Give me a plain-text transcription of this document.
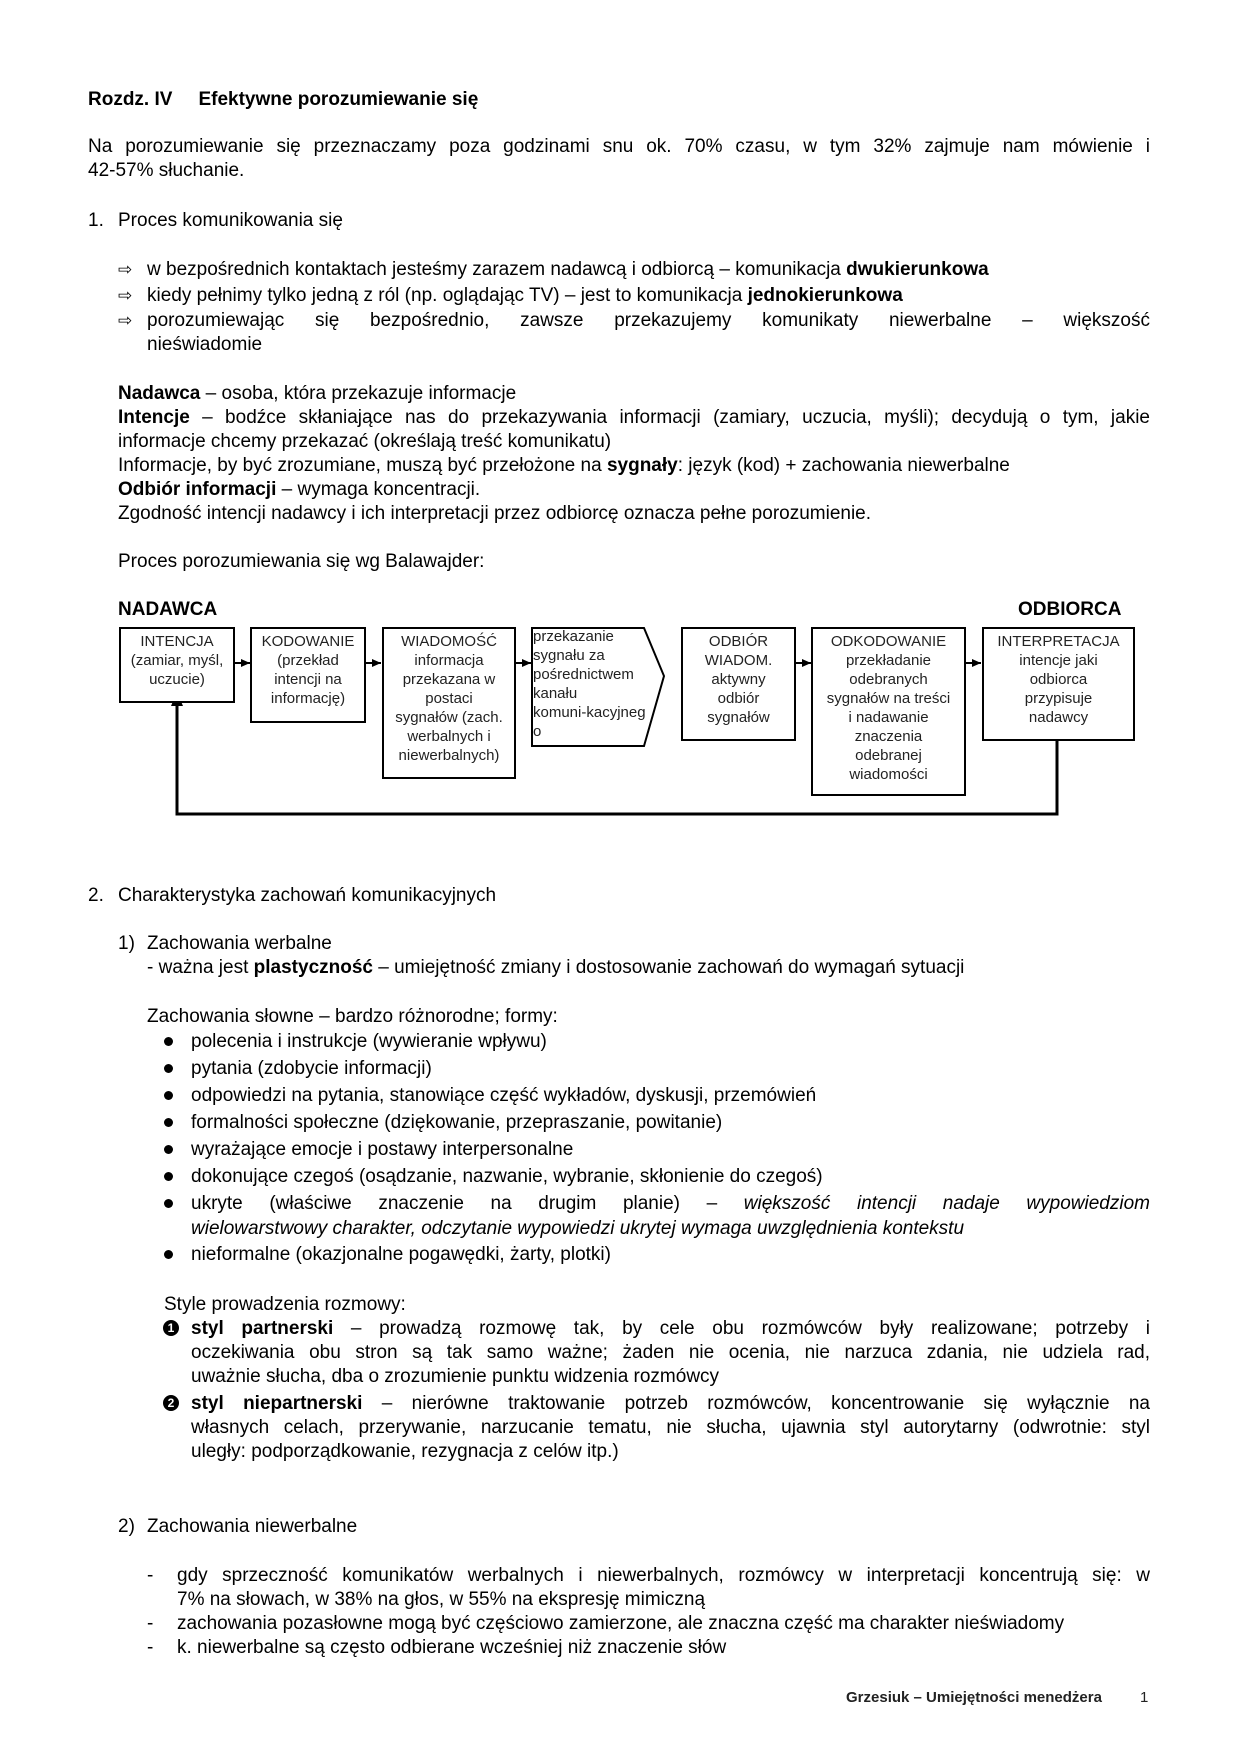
Rozdz. IV Efektywne porozumiewanie się
Na porozumiewanie się przeznaczamy poza godzinami snu ok. 70% czasu, w tym 32% zajmuje nam mówienie i
42-57% słuchanie.
1. Proces komunikowania się
⇨ w bezpośrednich kontaktach jesteśmy zarazem nadawcą i odbiorcą – komunikacja dwukierunkowa
⇨ kiedy pełnimy tylko jedną z ról (np. oglądając TV) – jest to komunikacja jednokierunkowa
⇨ porozumiewając się bezpośrednio, zawsze przekazujemy komunikaty niewerbalne – większość
nieświadomie
Nadawca – osoba, która przekazuje informacje
Intencje – bodźce skłaniające nas do przekazywania informacji (zamiary, uczucia, myśli); decydują o tym, jakie
informacje chcemy przekazać (określają treść komunikatu)
Informacje, by być zrozumiane, muszą być przełożone na sygnały: język (kod) + zachowania niewerbalne
Odbiór informacji – wymaga koncentracji.
Zgodność intencji nadawcy i ich interpretacji przez odbiorcę oznacza pełne porozumienie.
Proces porozumiewania się wg Balawajder:
NADAWCA	ODBIORCA
INTENCJA
(zamiar, myśl,
uczucie)
KODOWANIE
(przekład
intencji na
informację)
WIADOMOŚĆ
informacja
przekazana w
postaci
sygnałów (zach.
werbalnych i
niewerbalnych)
przekazanie
sygnału za
pośrednictwem
kanału
komuni-kacyjneg
o
ODBIÓR
WIADOM.
aktywny
odbiór
sygnałów
ODKODOWANIE
przekładanie
odebranych
sygnałów na treści
i nadawanie
znaczenia
odebranej
wiadomości
INTERPRETACJA
intencje jaki
odbiorca
przypisuje
nadawcy
2. Charakterystyka zachowań komunikacyjnych
1) Zachowania werbalne
- ważna jest plastyczność – umiejętność zmiany i dostosowanie zachowań do wymagań sytuacji
Zachowania słowne – bardzo różnorodne; formy:
polecenia i instrukcje (wywieranie wpływu)
pytania (zdobycie informacji)
odpowiedzi na pytania, stanowiące część wykładów, dyskusji, przemówień
formalności społeczne (dziękowanie, przepraszanie, powitanie)
wyrażające emocje i postawy interpersonalne
dokonujące czegoś (osądzanie, nazwanie, wybranie, skłonienie do czegoś)
ukryte (właściwe znaczenie na drugim planie) – większość intencji nadaje wypowiedziom
wielowarstwowy charakter, odczytanie wypowiedzi ukrytej wymaga uwzględnienia kontekstu
nieformalne (okazjonalne pogawędki, żarty, plotki)
Style prowadzenia rozmowy:
1 styl partnerski – prowadzą rozmowę tak, by cele obu rozmówców były realizowane; potrzeby i
oczekiwania obu stron są tak samo ważne; żaden nie ocenia, nie narzuca zdania, nie udziela rad,
uważnie słucha, dba o zrozumienie punktu widzenia rozmówcy
2 styl niepartnerski – nierówne traktowanie potrzeb rozmówców, koncentrowanie się wyłącznie na
własnych celach, przerywanie, narzucanie tematu, nie słucha, ujawnia styl autorytarny (odwrotnie: styl
uległy: podporządkowanie, rezygnacja z celów itp.)
2) Zachowania niewerbalne
- gdy sprzeczność komunikatów werbalnych i niewerbalnych, rozmówcy w interpretacji koncentrują się: w
7% na słowach, w 38% na głos, w 55% na ekspresję mimiczną
- zachowania pozasłowne mogą być częściowo zamierzone, ale znaczna część ma charakter nieświadomy
- k. niewerbalne są często odbierane wcześniej niż znaczenie słów
Grzesiuk – Umiejętności menedżera	1
